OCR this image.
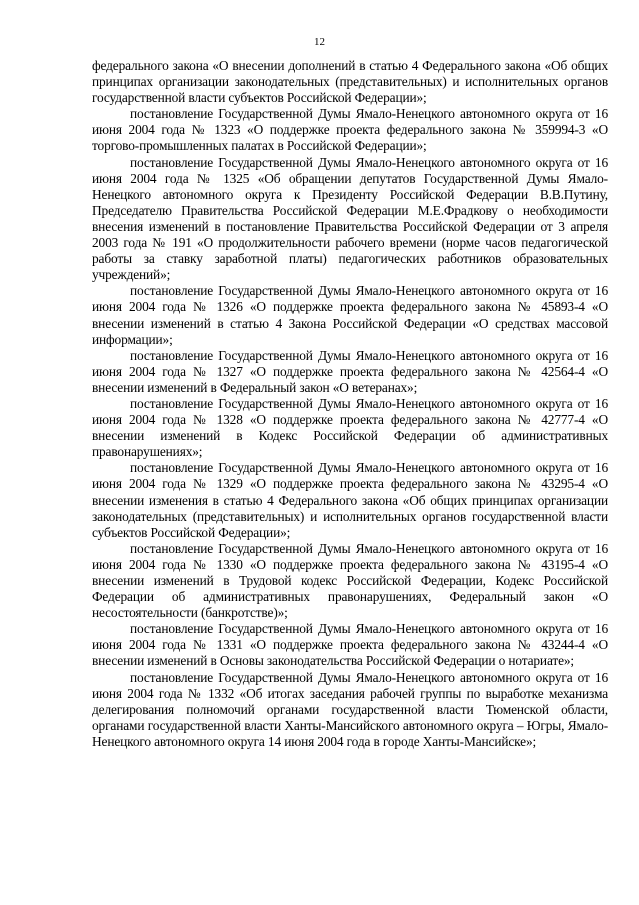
12

федерального закона «О внесении дополнений в статью 4 Федерального закона «Об общих принципах организации законодательных (представительных) и исполнительных органов государственной власти субъектов Российской Федерации»;

постановление Государственной Думы Ямало-Ненецкого автономного округа от 16 июня 2004 года № 1323 «О поддержке проекта федерального закона № 359994-3 «О торгово-промышленных палатах в Российской Федерации»;

постановление Государственной Думы Ямало-Ненецкого автономного округа от 16 июня 2004 года № 1325 «Об обращении депутатов Государственной Думы Ямало-Ненецкого автономного округа к Президенту Российской Федерации В.В.Путину, Председателю Правительства Российской Федерации М.Е.Фрадкову о необходимости внесения изменений в постановление Правительства Российской Федерации от 3 апреля 2003 года № 191 «О продолжительности рабочего времени (норме часов педагогической работы за ставку заработной платы) педагогических работников образовательных учреждений»;

постановление Государственной Думы Ямало-Ненецкого автономного округа от 16 июня 2004 года № 1326 «О поддержке проекта федерального закона № 45893-4 «О внесении изменений в статью 4 Закона Российской Федерации «О средствах массовой информации»;

постановление Государственной Думы Ямало-Ненецкого автономного округа от 16 июня 2004 года № 1327 «О поддержке проекта федерального закона № 42564-4 «О внесении изменений в Федеральный закон «О ветеранах»;

постановление Государственной Думы Ямало-Ненецкого автономного округа от 16 июня 2004 года № 1328 «О поддержке проекта федерального закона № 42777-4 «О внесении изменений в Кодекс Российской Федерации об административных правонарушениях»;

постановление Государственной Думы Ямало-Ненецкого автономного округа от 16 июня 2004 года № 1329 «О поддержке проекта федерального закона № 43295-4 «О внесении изменения в статью 4 Федерального закона «Об общих принципах организации законодательных (представительных) и исполнительных органов государственной власти субъектов Российской Федерации»;

постановление Государственной Думы Ямало-Ненецкого автономного округа от 16 июня 2004 года № 1330 «О поддержке проекта федерального закона № 43195-4 «О внесении изменений в Трудовой кодекс Российской Федерации, Кодекс Российской Федерации об административных правонарушениях, Федеральный закон «О несостоятельности (банкротстве)»;

постановление Государственной Думы Ямало-Ненецкого автономного округа от 16 июня 2004 года № 1331 «О поддержке проекта федерального закона № 43244-4 «О внесении изменений в Основы законодательства Российской Федерации о нотариате»;

постановление Государственной Думы Ямало-Ненецкого автономного округа от 16 июня 2004 года № 1332 «Об итогах заседания рабочей группы по выработке механизма делегирования полномочий органами государственной власти Тюменской области, органами государственной власти Ханты-Мансийского автономного округа – Югры, Ямало-Ненецкого автономного округа 14 июня 2004 года в городе Ханты-Мансийске»;
